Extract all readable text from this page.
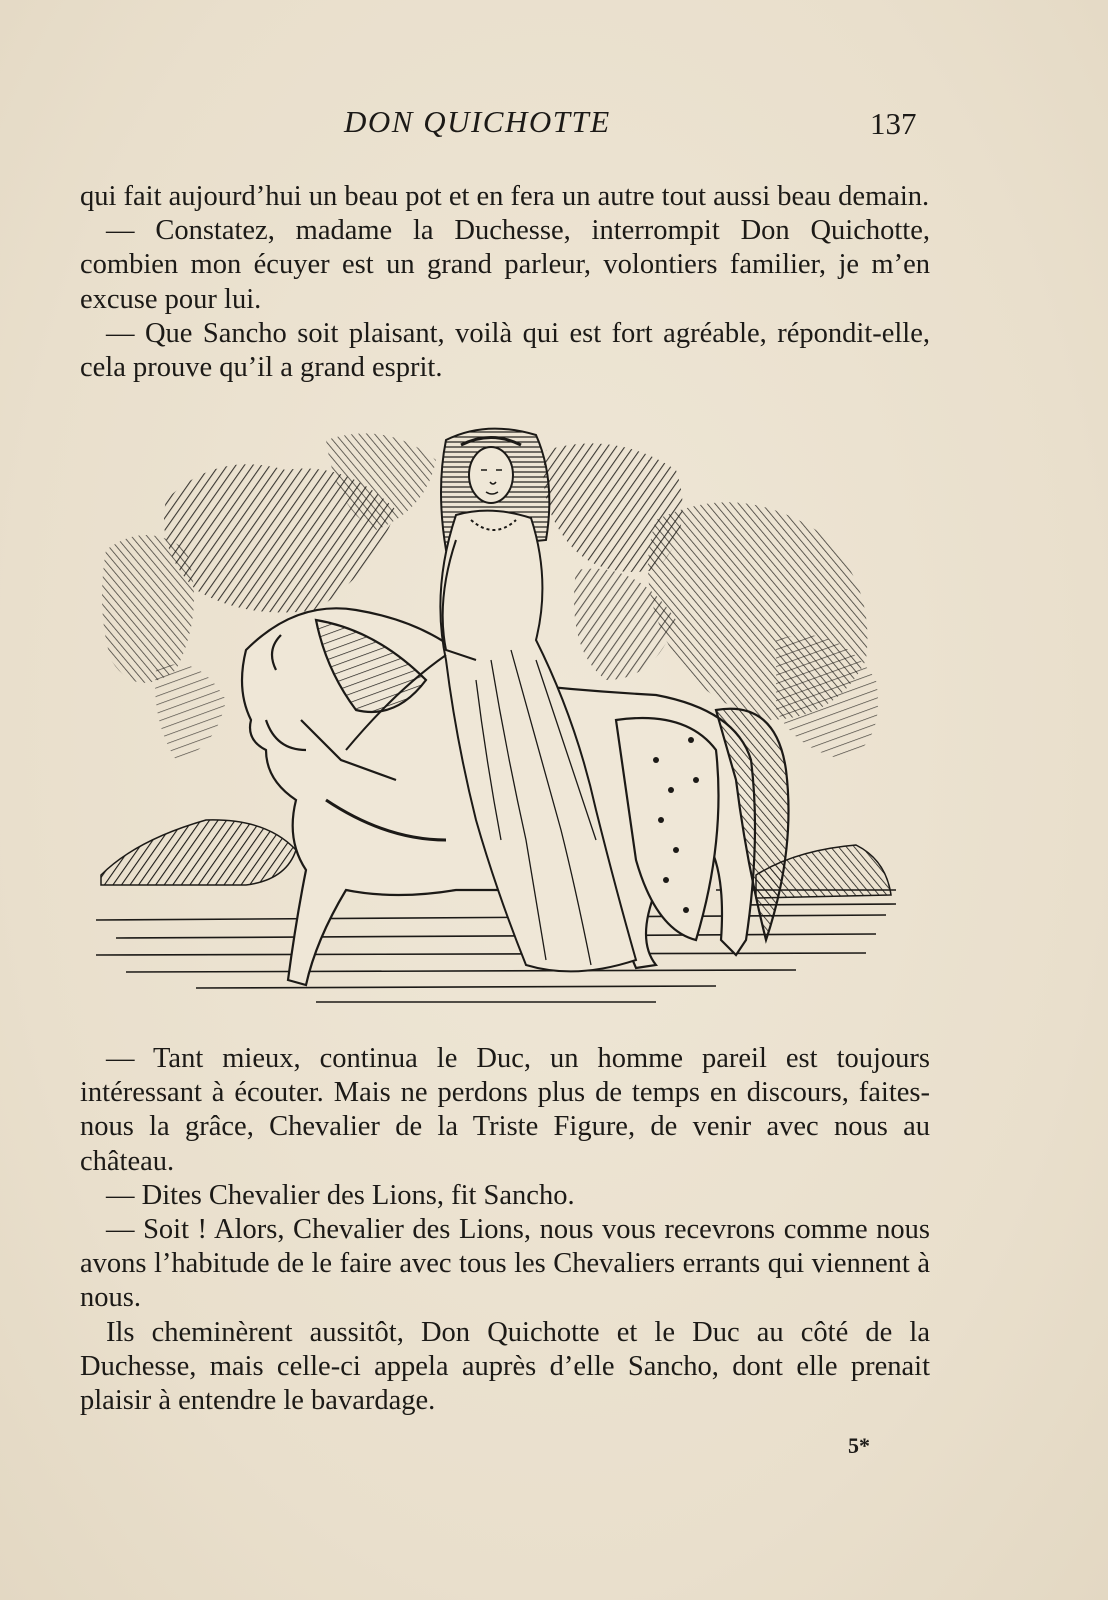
DON QUICHOTTE	137

qui fait aujourd’hui un beau pot et en fera un autre tout aussi beau demain.

— Constatez, madame la Duchesse, interrompit Don Quichotte, combien mon écuyer est un grand parleur, volontiers familier, je m’en excuse pour lui.

— Que Sancho soit plaisant, voilà qui est fort agréable, répondit-elle, cela prouve qu’il a grand esprit.

— Tant mieux, continua le Duc, un homme pareil est toujours intéressant à écouter. Mais ne perdons plus de temps en discours, faites-nous la grâce, Chevalier de la Triste Figure, de venir avec nous au château.

— Dites Chevalier des Lions, fit Sancho.

— Soit ! Alors, Chevalier des Lions, nous vous recevrons comme nous avons l’habitude de le faire avec tous les Chevaliers errants qui viennent à nous.

Ils cheminèrent aussitôt, Don Quichotte et le Duc au côté de la Duchesse, mais celle-ci appela auprès d’elle Sancho, dont elle prenait plaisir à entendre le bavardage.

5*
